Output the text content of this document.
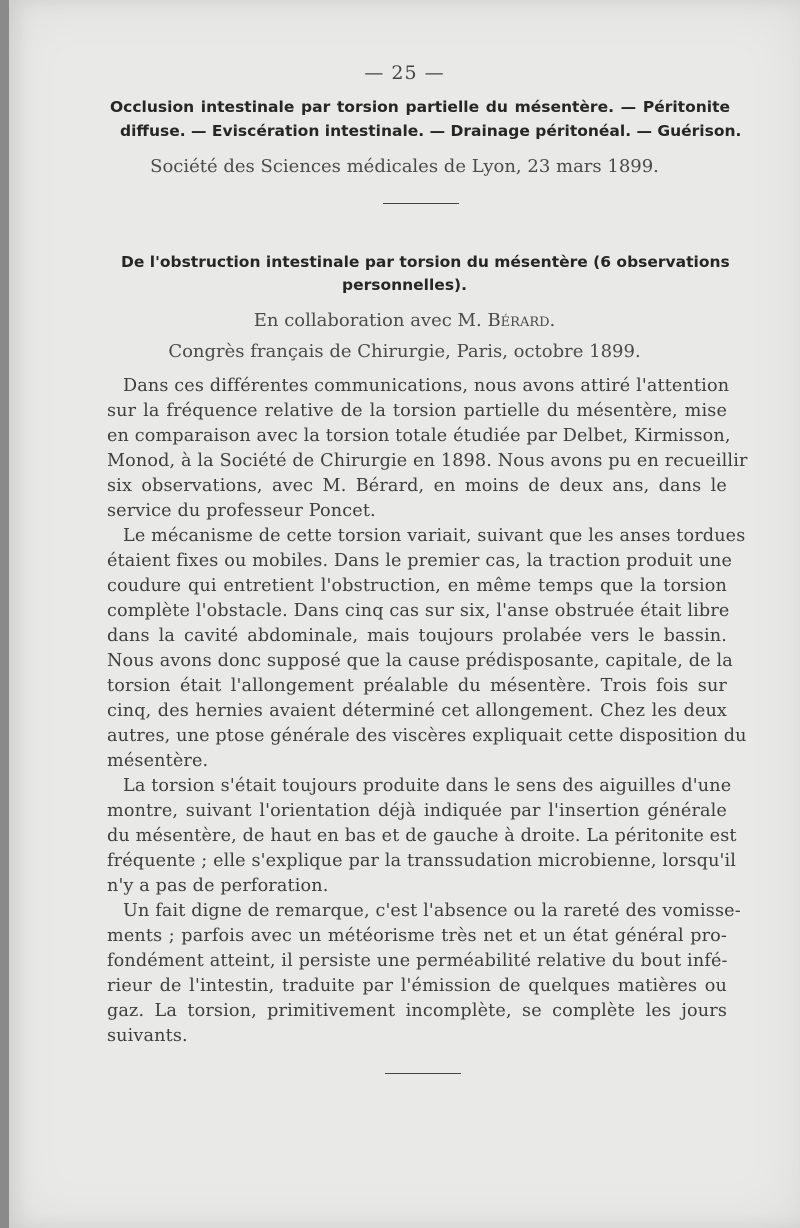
— 25 —
Occlusion intestinale par torsion partielle du mésentère. — Péritonite
diffuse. — Eviscération intestinale. — Drainage péritonéal. — Guérison.
Société des Sciences médicales de Lyon, 23 mars 1899.
De l'obstruction intestinale par torsion du mésentère (6 observations
personnelles).
En collaboration avec M. Bérard.
Congrès français de Chirurgie, Paris, octobre 1899.
Dans ces différentes communications, nous avons attiré l'attention
sur la fréquence relative de la torsion partielle du mésentère, mise
en comparaison avec la torsion totale étudiée par Delbet, Kirmisson,
Monod, à la Société de Chirurgie en 1898. Nous avons pu en recueillir
six observations, avec M. Bérard, en moins de deux ans, dans le
service du professeur Poncet.
Le mécanisme de cette torsion variait, suivant que les anses tordues
étaient fixes ou mobiles. Dans le premier cas, la traction produit une
coudure qui entretient l'obstruction, en même temps que la torsion
complète l'obstacle. Dans cinq cas sur six, l'anse obstruée était libre
dans la cavité abdominale, mais toujours prolabée vers le bassin.
Nous avons donc supposé que la cause prédisposante, capitale, de la
torsion était l'allongement préalable du mésentère. Trois fois sur
cinq, des hernies avaient déterminé cet allongement. Chez les deux
autres, une ptose générale des viscères expliquait cette disposition du
mésentère.
La torsion s'était toujours produite dans le sens des aiguilles d'une
montre, suivant l'orientation déjà indiquée par l'insertion générale
du mésentère, de haut en bas et de gauche à droite. La péritonite est
fréquente ; elle s'explique par la transsudation microbienne, lorsqu'il
n'y a pas de perforation.
Un fait digne de remarque, c'est l'absence ou la rareté des vomisse-
ments ; parfois avec un météorisme très net et un état général pro-
fondément atteint, il persiste une perméabilité relative du bout infé-
rieur de l'intestin, traduite par l'émission de quelques matières ou
gaz. La torsion, primitivement incomplète, se complète les jours
suivants.
